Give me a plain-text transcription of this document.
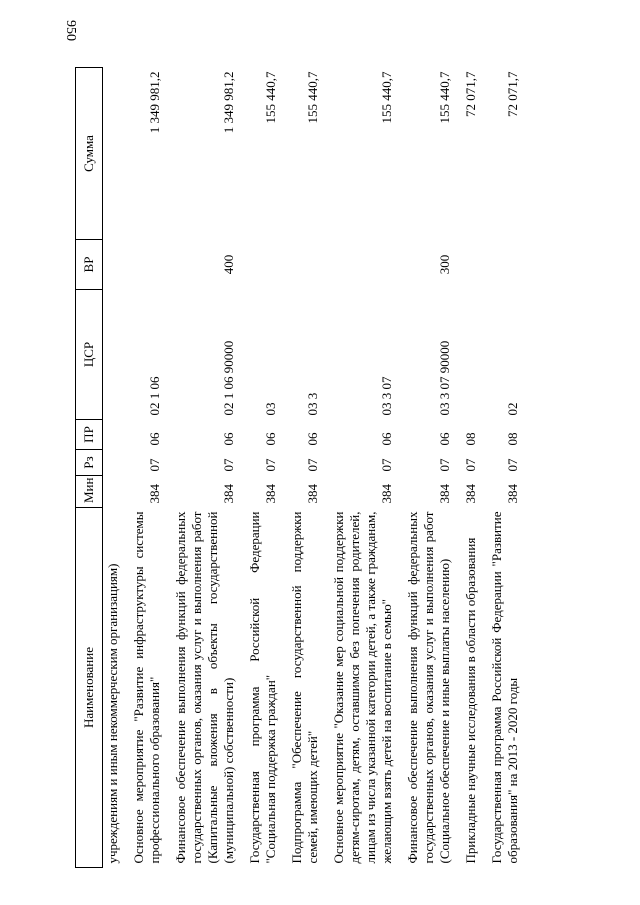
950
Наименование	Мин	Рз	ПР	ЦСР	ВР	Сумма
учреждениям и иным некоммерческим организациям)						

Основное мероприятие "Развитие инфраструктуры системы профессионального образования"	384	07	06	02 1 06		1 349 981,2

Финансовое обеспечение выполнения функций федеральных государственных органов, оказания услуг и выполнения работ (Капитальные вложения в объекты государственной (муниципальной) собственности)	384	07	06	02 1 06 90000	400	1 349 981,2

Государственная программа Российской Федерации "Социальная поддержка граждан"	384	07	06	03		155 440,7

Подпрограмма "Обеспечение государственной поддержки семей, имеющих детей"	384	07	06	03 3		155 440,7

Основное мероприятие "Оказание мер социальной поддержки детям-сиротам, детям, оставшимся без попечения родителей, лицам из числа указанной категории детей, а также гражданам, желающим взять детей на воспитание в семью"	384	07	06	03 3 07		155 440,7

Финансовое обеспечение выполнения функций федеральных государственных органов, оказания услуг и выполнения работ (Социальное обеспечение и иные выплаты населению)	384	07	06	03 3 07 90000	300	155 440,7

Прикладные научные исследования в области образования	384	07	08			72 071,7

Государственная программа Российской Федерации "Развитие образования" на 2013 - 2020 годы	384	07	08	02		72 071,7
